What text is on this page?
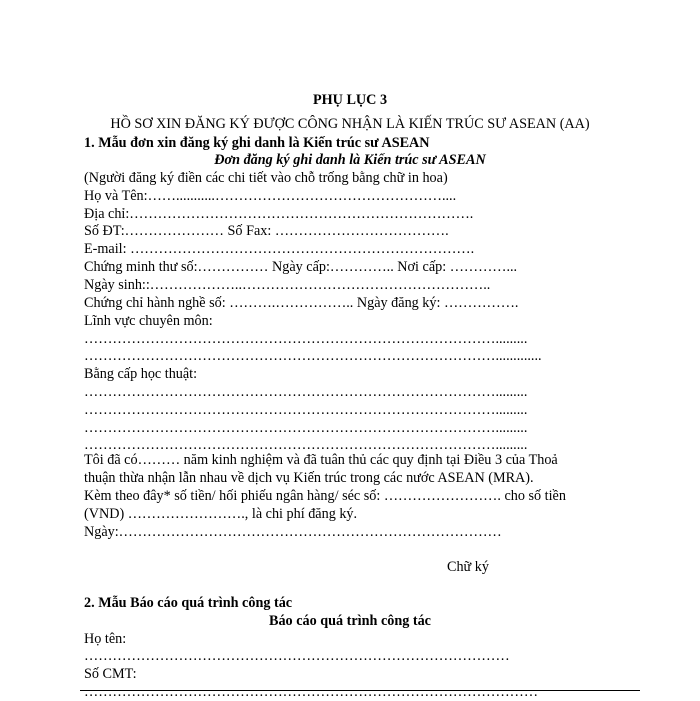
PHỤ LỤC 3
HỒ SƠ XIN ĐĂNG KÝ ĐƯỢC CÔNG NHẬN LÀ KIẾN TRÚC SƯ ASEAN (AA)
1. Mẫu đơn xin đăng ký ghi danh là Kiến trúc sư ASEAN
Đơn đăng ký ghi danh là Kiến trúc sư ASEAN
(Người đăng ký điền các chi tiết vào chỗ trống bằng chữ in hoa)
Họ và Tên:……...........…………………………………………....
Địa chỉ:……………………………………………………………….
Số ĐT:………………… Số Fax: ……………………………….
E-mail: ……………………………………………………………….
Chứng minh thư số:…………… Ngày cấp:………….. Nơi cấp: …………...
Ngày sinh::………………..……………………………………………..
Chứng chỉ hành nghề số: ……….…………….. Ngày đăng ký: …………….
Lĩnh vực chuyên môn:
…………………………………………………………………………….........
…………………………………………………………………………….............
Bằng cấp học thuật:
…………………………………………………………………………….........
…………………………………………………………………………….........
…………………………………………………………………………….........
…………………………………………………………………………….........
Tôi đã có……… năm kinh nghiệm và đã tuân thủ các quy định tại Điều 3 của Thoả
thuận thừa nhận lẫn nhau về dịch vụ Kiến trúc trong các nước ASEAN (MRA).
Kèm theo đây* số tiền/ hối phiếu ngân hàng/ séc số: ……………………. cho số tiền
(VND) ……………………., là chi phí đăng ký.
Ngày:………………………………………………………………………
Chữ ký
2. Mẫu Báo cáo quá trình công tác
Báo cáo quá trình công tác
Họ tên:
………………………………………………………………………………
Số CMT:
……………………………………………………………………………………
